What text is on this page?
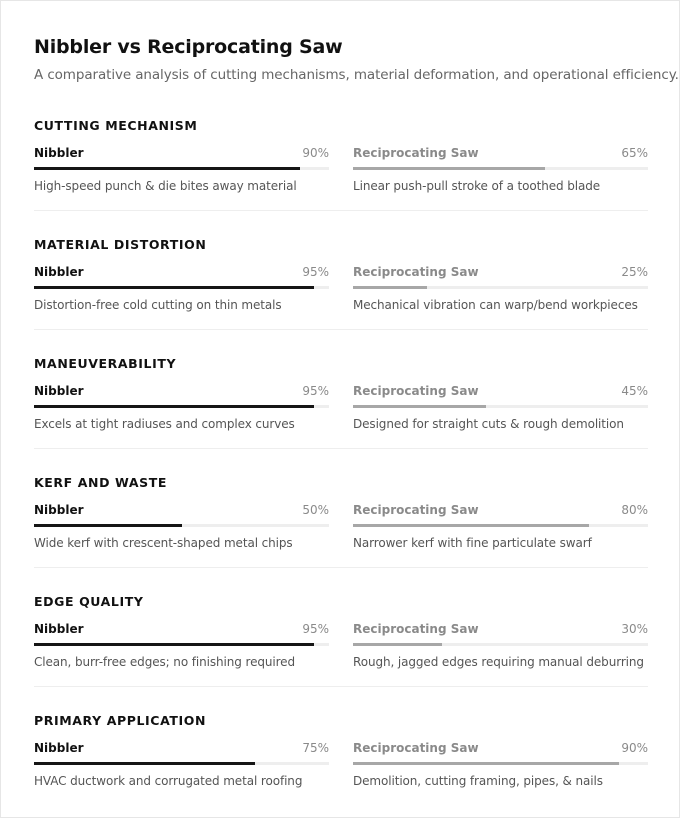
Nibbler vs Reciprocating Saw
A comparative analysis of cutting mechanisms, material deformation, and operational efficiency.
CUTTING MECHANISM
Nibbler	90%
High-speed punch & die bites away material
Reciprocating Saw	65%
Linear push-pull stroke of a toothed blade
MATERIAL DISTORTION
Nibbler	95%
Distortion-free cold cutting on thin metals
Reciprocating Saw	25%
Mechanical vibration can warp/bend workpieces
MANEUVERABILITY
Nibbler	95%
Excels at tight radiuses and complex curves
Reciprocating Saw	45%
Designed for straight cuts & rough demolition
KERF AND WASTE
Nibbler	50%
Wide kerf with crescent-shaped metal chips
Reciprocating Saw	80%
Narrower kerf with fine particulate swarf
EDGE QUALITY
Nibbler	95%
Clean, burr-free edges; no finishing required
Reciprocating Saw	30%
Rough, jagged edges requiring manual deburring
PRIMARY APPLICATION
Nibbler	75%
HVAC ductwork and corrugated metal roofing
Reciprocating Saw	90%
Demolition, cutting framing, pipes, & nails
